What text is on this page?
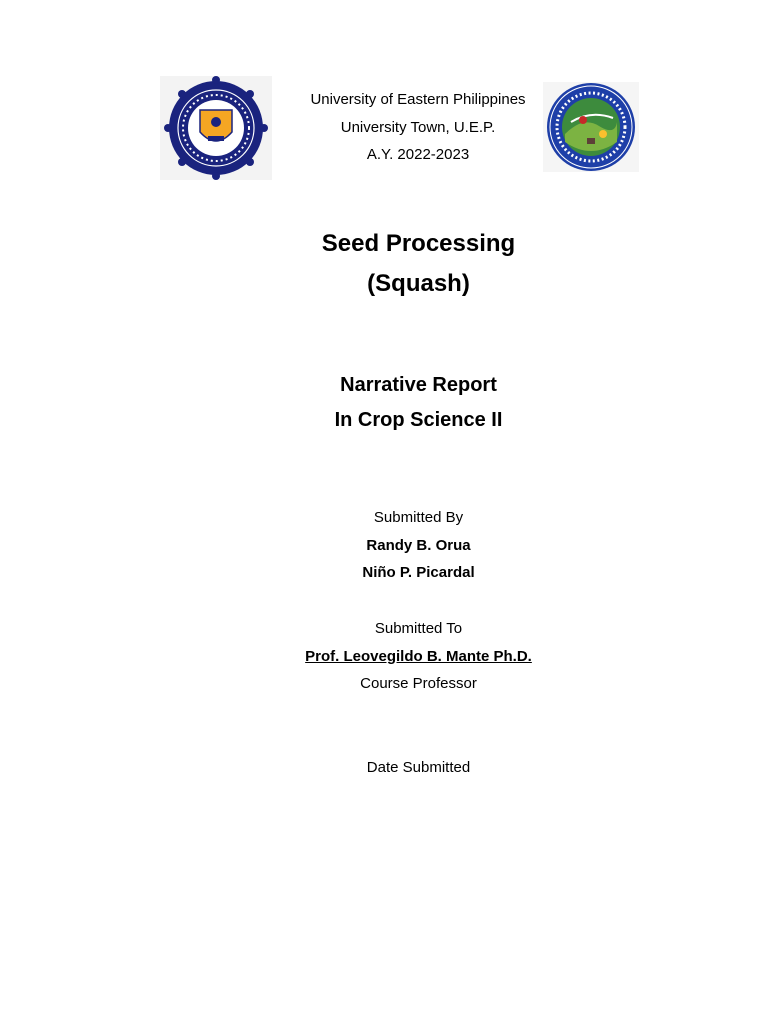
University of Eastern Philippines
University Town, U.E.P.
A.Y. 2022-2023
Seed Processing
(Squash)
Narrative Report
In Crop Science II
Submitted By
Randy B. Orua
Niño P. Picardal
Submitted To
Prof. Leovegildo B. Mante Ph.D.
Course Professor
Date Submitted
